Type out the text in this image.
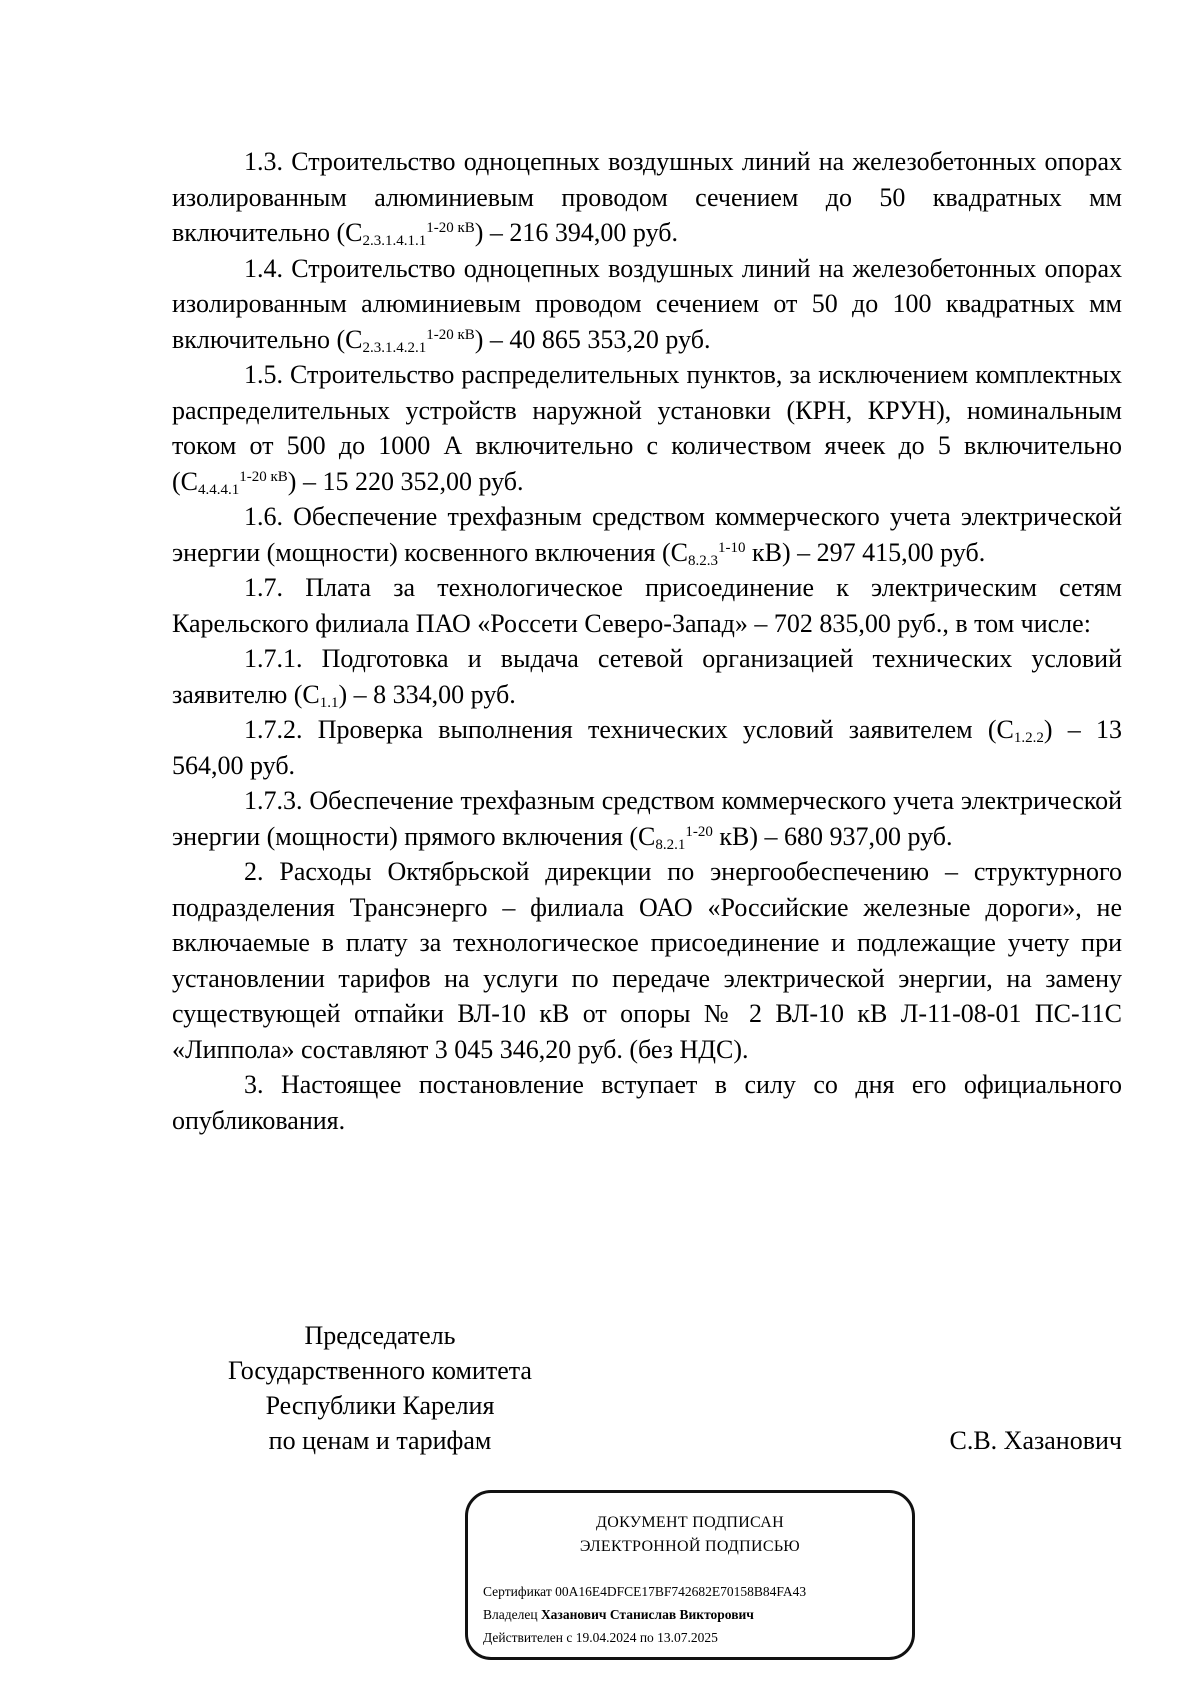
1.3. Строительство одноцепных воздушных линий на железобетонных опорах изолированным алюминиевым проводом сечением до 50 квадратных мм включительно $(С_{2.3.1.4.1.1}^{1-20 кВ}) - 216$ 394,00 руб.

1.4. Строительство одноцепных воздушных линий на железобетонных опорах изолированным алюминиевым проводом сечением от 50 до 100 квадратных мм включительно $(С_{2.3.1.4.2.1}^{1-20 кВ}) - 40$ 865 353,20 руб.

1.5. Строительство распределительных пунктов, за исключением комплектных распределительных устройств наружной установки (КРН, КРУН), номинальным током от 500 до 1000 А включительно с количеством ячеек до 5 включительно $(С_{4.4.4.1}^{1-20 кВ}) - 15$ 220 352,00 руб.

1.6. Обеспечение трехфазным средством коммерческого учета электрической энергии (мощности) косвенного включения ($С_{8.2.3}^{1-10}$ кВ) – 297 415,00 руб.

1.7. Плата за технологическое присоединение к электрическим сетям Карельского филиала ПАО «Россети Северо-Запад» – 702 835,00 руб., в том числе:

1.7.1. Подготовка и выдача сетевой организацией технических условий заявителю $(С_{1.1}) - 8$ 334,00 руб.

1.7.2. Проверка выполнения технических условий заявителем $(С_{1.2.2}) - 13$ 564,00 руб.

1.7.3. Обеспечение трехфазным средством коммерческого учета электрической энергии (мощности) прямого включения ($С_{8.2.1}^{1-20}$ кВ) – 680 937,00 руб.

2. Расходы Октябрьской дирекции по энергообеспечению – структурного подразделения Трансэнерго – филиала ОАО «Российские железные дороги», не включаемые в плату за технологическое присоединение и подлежащие учету при установлении тарифов на услуги по передаче электрической энергии, на замену существующей отпайки ВЛ-10 кВ от опоры № 2 ВЛ-10 кВ Л-11-08-01 ПС-11С «Липпола» составляют 3 045 346,20 руб. (без НДС).

3. Настоящее постановление вступает в силу со дня его официального опубликования.

Председатель
Государственного комитета
Республики Карелия
по ценам и тарифам	С.В. Хазанович
ДОКУМЕНТ ПОДПИСАН
ЭЛЕКТРОННОЙ ПОДПИСЬЮ
Сертификат 00A16E4DFCE17BF742682E70158B84FA43
Владелец Хазанович Станислав Викторович
Действителен с 19.04.2024 по 13.07.2025
